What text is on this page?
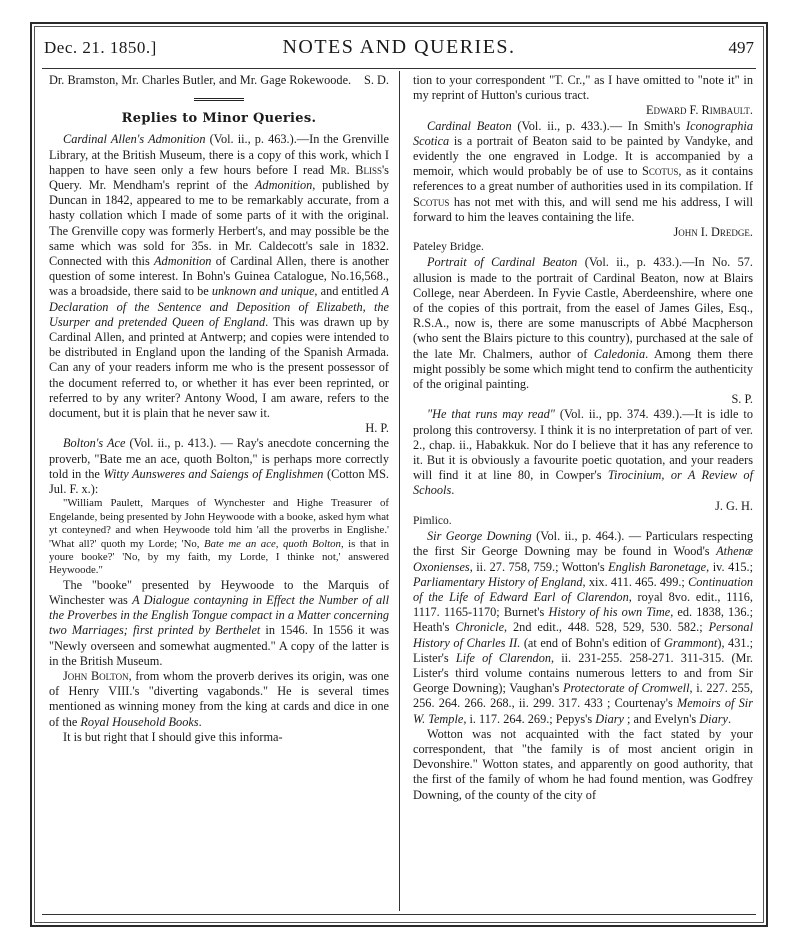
Dec. 21. 1850.]	NOTES AND QUERIES.	497

Dr. Bramston, Mr. Charles Butler, and Mr. Gage Rokewoode. S. D.

Replies to Minor Queries.

Cardinal Allen's Admonition (Vol. ii., p. 463.).—In the Grenville Library, at the British Museum, there is a copy of this work, which I happen to have seen only a few hours before I read Mr. Bliss's Query. Mr. Mendham's reprint of the Admonition, published by Duncan in 1842, appeared to me to be remarkably accurate, from a hasty collation which I made of some parts of it with the original. The Grenville copy was formerly Herbert's, and may possible be the same which was sold for 35s. in Mr. Caldecott's sale in 1832. Connected with this Admonition of Cardinal Allen, there is another question of some interest. In Bohn's Guinea Catalogue, No.16,568., was a broadside, there said to be unknown and unique, and entitled A Declaration of the Sentence and Deposition of Elizabeth, the Usurper and pretended Queen of England. This was drawn up by Cardinal Allen, and printed at Antwerp; and copies were intended to be distributed in England upon the landing of the Spanish Armada. Can any of your readers inform me who is the present possessor of the document referred to, or whether it has ever been reprinted, or referred to by any writer? Antony Wood, I am aware, refers to the document, but it is plain that he never saw it.

H. P.

Bolton's Ace (Vol. ii., p. 413.). — Ray's anecdote concerning the proverb, "Bate me an ace, quoth Bolton," is perhaps more correctly told in the Witty Aunsweres and Saiengs of Englishmen (Cotton MS. Jul. F. x.):

"William Paulett, Marques of Wynchester and Highe Treasurer of Engelande, being presented by John Heywoode with a booke, asked hym what yt conteyned? and when Heywoode told him 'all the proverbs in Englishe.' 'What all?' quoth my Lorde; 'No, Bate me an ace, quoth Bolton, is that in youre booke?' 'No, by my faith, my Lorde, I thinke not,' answered Heywoode."

The "booke" presented by Heywoode to the Marquis of Winchester was A Dialogue contayning in Effect the Number of all the Proverbes in the English Tongue compact in a Matter concerning two Marriages; first printed by Berthelet in 1546. In 1556 it was "Newly overseen and somewhat augmented." A copy of the latter is in the British Museum.

John Bolton, from whom the proverb derives its origin, was one of Henry VIII.'s "diverting vagabonds." He is several times mentioned as winning money from the king at cards and dice in one of the Royal Household Books.

It is but right that I should give this informa-

tion to your correspondent "T. Cr.," as I have omitted to "note it" in my reprint of Hutton's curious tract.

Edward F. Rimbault.

Cardinal Beaton (Vol. ii., p. 433.).— In Smith's Iconographia Scotica is a portrait of Beaton said to be painted by Vandyke, and evidently the one engraved in Lodge. It is accompanied by a memoir, which would probably be of use to Scotus, as it contains references to a great number of authorities used in its compilation. If Scotus has not met with this, and will send me his address, I will forward to him the leaves containing the life.

John I. Dredge.

Pateley Bridge.

Portrait of Cardinal Beaton (Vol. ii., p. 433.).—In No. 57. allusion is made to the portrait of Cardinal Beaton, now at Blairs College, near Aberdeen. In Fyvie Castle, Aberdeenshire, where one of the copies of this portrait, from the easel of James Giles, Esq., R.S.A., now is, there are some manuscripts of Abbé Macpherson (who sent the Blairs picture to this country), purchased at the sale of the late Mr. Chalmers, author of Caledonia. Among them there might possibly be some which might tend to confirm the authenticity of the original painting.

S. P.

"He that runs may read" (Vol. ii., pp. 374. 439.).—It is idle to prolong this controversy. I think it is no interpretation of part of ver. 2., chap. ii., Habakkuk. Nor do I believe that it has any reference to it. But it is obviously a favourite poetic quotation, and your readers will find it at line 80, in Cowper's Tirocinium, or A Review of Schools.

J. G. H.

Pimlico.

Sir George Downing (Vol. ii., p. 464.). — Particulars respecting the first Sir George Downing may be found in Wood's Athenæ Oxonienses, ii. 27. 758, 759.; Wotton's English Baronetage, iv. 415.; Parliamentary History of England, xix. 411. 465. 499.; Continuation of the Life of Edward Earl of Clarendon, royal 8vo. edit., 1116, 1117. 1165-1170; Burnet's History of his own Time, ed. 1838, 136.; Heath's Chronicle, 2nd edit., 448. 528, 529, 530. 582.; Personal History of Charles II. (at end of Bohn's edition of Grammont), 431.; Lister's Life of Clarendon, ii. 231-255. 258-271. 311-315. (Mr. Lister's third volume contains numerous letters to and from Sir George Downing); Vaughan's Protectorate of Cromwell, i. 227. 255, 256. 264. 266. 268., ii. 299. 317. 433 ; Courtenay's Memoirs of Sir W. Temple, i. 117. 264. 269.; Pepys's Diary ; and Evelyn's Diary.

Wotton was not acquainted with the fact stated by your correspondent, that "the family is of most ancient origin in Devonshire." Wotton states, and apparently on good authority, that the first of the family of whom he had found mention, was Godfrey Downing, of the county of the city of
